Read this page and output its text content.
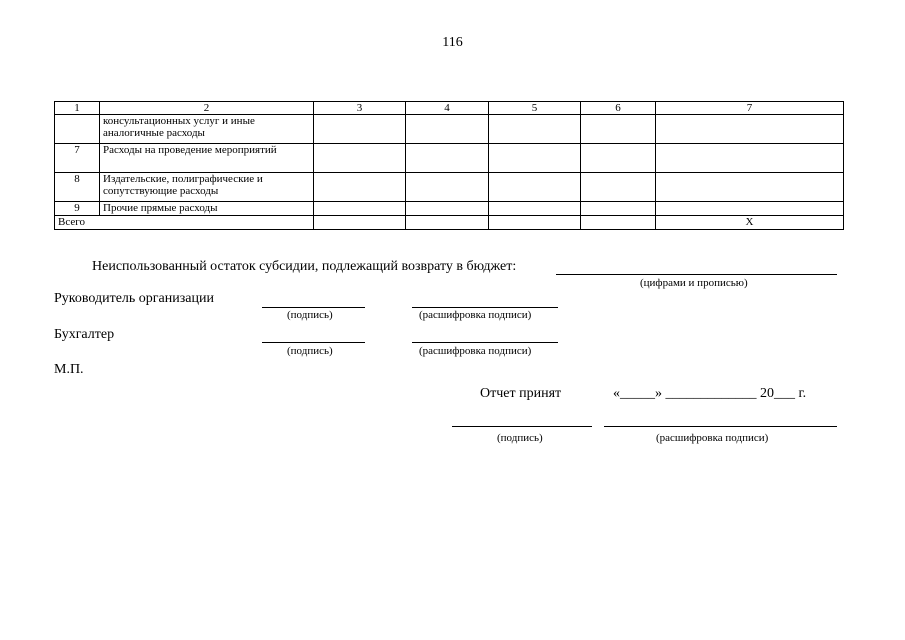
116
1	2	3	4	5	6	7
	консультационных услуг и иные аналогичные расходы					
7	Расходы на проведение мероприятий					
8	Издательские, полиграфические и сопутствующие расходы					
9	Прочие прямые расходы					
Всего						X
Неиспользованный остаток субсидии, подлежащий возврату в бюджет:
(цифрами и прописью)
Руководитель организации
(подпись)	(расшифровка подписи)
Бухгалтер
(подпись)	(расшифровка подписи)
М.П.
Отчет принят	«_____» _____________ 20___ г.
(подпись)	(расшифровка подписи)
